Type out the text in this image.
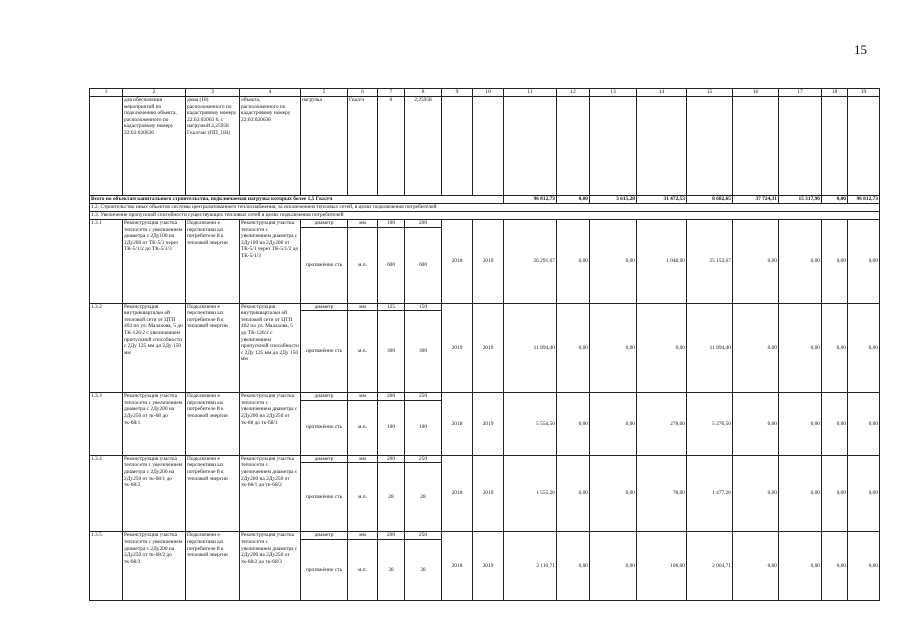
15
1	2	3	4	5	6	7	8	9	10	11	12	13	14	15	16	17	18	19
	для обеспечения мероприятий по подключению объекта, расположенного по кадастровому номеру 22:63:020636	дома (18) расположенного по кадастровому номеру 22:63:02063 6, с нагрузкой 2,25958 Гкал/час (ПП_184)	объекта, расположенного по кадастровому номеру 22:63:020636	нагрузка	Гкал/ч	0	2,25958											
Всего по объектам капитального строительства, подключаемая нагрузка которых более 1,5 Гкал/ч										96 812,73	0,00	3 615,28	31 472,53	8 682,65	37 724,31	15 317,96	0,00	96 812,73
1.2. Строительство иных объектов системы централизованного теплоснабжения, за исключением тепловых сетей, в целях подключения потребителей																		
1.3. Увеличение пропускной способности существующих тепловых сетей в целях подключения потребителей																		
1.3.1	Реконструкция участка теплосети с увеличением диаметра с 2Ду100 на 2Ду200 от ТК-5/1 через ТК-5/1/2 до ТК-5/1/3	Подключени е перспективн ых потребителе й к тепловой энергии	Реконструкция участка теплосети с увеличением диаметра с 2Ду100 на 2Ду200 от ТК-5/1 через ТК-5/1/2 до ТК-5/1/3	диаметр	мм	100	200	2018	2019	26 291,67	0,00	0,00	1 048,00	25 153,67	0,00	0,00	0,00	0,00
				протяжённо сть	м.п.	600	600											
1.3.2	Реконструкция внутриквартальн ой тепловой сети от ЦТП 402 по ул. Малахова, 5 до ТК-126/2 с увеличением пропускной способности с 2Ду 125 мм до 2Ду 150 мм	Подключени е перспективн ых потребителе й к тепловой энергии	Реконструкция внутриквартальн ой тепловой сети от ЦТП 402 по ул. Малахова, 5 до ТК-126/2 с увеличением пропускной способности с 2Ду 125 мм до 2Ду 150 мм	диаметр	мм	125	150	2019	2019	11 894,40	0,00	0,00	0,00	11 894,40	0,00	0,00	0,00	0,00
				протяжённо сть	м.п.	300	300											
1.3.3	Реконструкция участка теплосети с увеличением диаметра с 2Ду200 на 2Ду250 от тк-68 до тк-68/1	Подключени е перспективн ых потребителе й к тепловой энергии	Реконструкция участка теплосети с увеличением диаметра с 2Ду200 на 2Ду250 от тк-68 до тк-68/1	диаметр	мм	200	250	2018	2019	5 554,50	0,00	0,00	278,00	5 276,50	0,00	0,00	0,00	0,00
				протяжённо сть	м.п.	100	100											
1.3.4	Реконструкция участка теплосети с увеличением диаметра с 2Ду200 на 2Ду250 от тк-68/1 до тк-68/2	Подключени е перспективн ых потребителе й к тепловой энергии	Реконструкция участка теплосети с увеличением диаметра с 2Ду200 на 2Ду250 от тк-68/1 до тк-68/2	диаметр	мм	200	250	2018	2019	1 555,26	0,00	0,00	78,00	1 477,26	0,00	0,00	0,00	0,00
				протяжённо сть	м.п.	28	28											
1.3.5	Реконструкция участка теплосети с увеличением диаметра с 2Ду200 на 2Ду250 от тк-68/2 до тк-68/3	Подключени е перспективн ых потребителе й к тепловой энергии	Реконструкция участка теплосети с увеличением диаметра с 2Ду200 на 2Ду250 от тк-68/2 до тк-68/3	диаметр	мм	200	250	2018	2019	2 110,71	0,00	0,00	106,00	2 004,71	0,00	0,00	0,00	0,00
				протяжённо сть	м.п.	38	38											
